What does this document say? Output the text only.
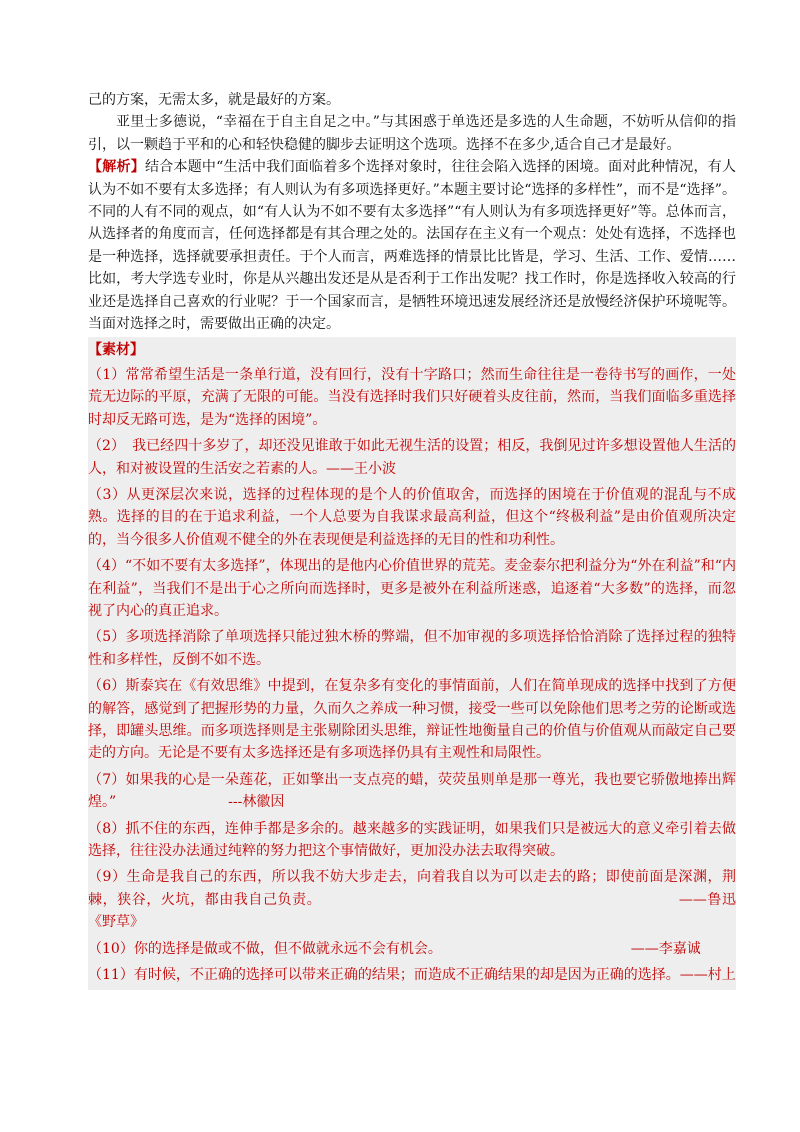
己的方案，无需太多，就是最好的方案。

亚里士多德说，“幸福在于自主自足之中。”与其困惑于单选还是多选的人生命题，不妨听从信仰的指引，以一颗趋于平和的心和轻快稳健的脚步去证明这个选项。选择不在多少,适合自己才是最好。

【解析】结合本题中“生活中我们面临着多个选择对象时，往往会陷入选择的困境。面对此种情况，有人认为不如不要有太多选择；有人则认为有多项选择更好。”本题主要讨论“选择的多样性”，而不是“选择”。不同的人有不同的观点，如“有人认为不如不要有太多选择”“有人则认为有多项选择更好”等。总体而言，从选择者的角度而言，任何选择都是有其合理之处的。法国存在主义有一个观点：处处有选择，不选择也是一种选择，选择就要承担责任。于个人而言，两难选择的情景比比皆是，学习、生活、工作、爱情……比如，考大学选专业时，你是从兴趣出发还是从是否利于工作出发呢？找工作时，你是选择收入较高的行业还是选择自己喜欢的行业呢？于一个国家而言，是牺牲环境迅速发展经济还是放慢经济保护环境呢等。当面对选择之时，需要做出正确的决定。

【素材】

（1）常常希望生活是一条单行道，没有回行，没有十字路口；然而生命往往是一卷待书写的画作，一处荒无边际的平原，充满了无限的可能。当没有选择时我们只好硬着头皮往前，然而，当我们面临多重选择时却反无路可选，是为“选择的困境”。

（2）　我已经四十多岁了，却还没见谁敢于如此无视生活的设置；相反，我倒见过许多想设置他人生活的人，和对被设置的生活安之若素的人。——王小波

（3）从更深层次来说，选择的过程体现的是个人的价值取舍，而选择的困境在于价值观的混乱与不成熟。选择的目的在于追求利益，一个人总要为自我谋求最高利益，但这个“终极利益”是由价值观所决定的，当今很多人价值观不健全的外在表现便是利益选择的无目的性和功利性。

（4）“不如不要有太多选择”，体现出的是他内心价值世界的荒芜。麦金泰尔把利益分为“外在利益”和“内在利益”，当我们不是出于心之所向而选择时，更多是被外在利益所迷惑，追逐着“大多数”的选择，而忽视了内心的真正追求。

（5）多项选择消除了单项选择只能过独木桥的弊端，但不加审视的多项选择恰恰消除了选择过程的独特性和多样性，反倒不如不选。

（6）斯泰宾在《有效思维》中提到，在复杂多有变化的事情面前，人们在简单现成的选择中找到了方便的解答，感觉到了把握形势的力量，久而久之养成一种习惯，接受一些可以免除他们思考之劳的论断或选择，即罐头思维。而多项选择则是主张剔除团头思维，辩证性地衡量自己的价值与价值观从而敲定自己要走的方向。无论是不要有太多选择还是有多项选择仍具有主观性和局限性。

（7）如果我的心是一朵莲花，正如擎出一支点亮的蜡，荧荧虽则单是那一尊光，我也要它骄傲地捧出辉煌。”　　　　　　　　---林徽因

（8）抓不住的东西，连伸手都是多余的。越来越多的实践证明，如果我们只是被远大的意义牵引着去做选择，往往没办法通过纯粹的努力把这个事情做好，更加没办法去取得突破。

（9）生命是我自己的东西，所以我不妨大步走去，向着我自以为可以走去的路；即使前面是深渊，荆棘，狭谷，火坑，都由我自己负责。　　　　　　　　　　　　　　　　　　　　　　　　　——鲁迅《野草》

（10）你的选择是做或不做，但不做就永远不会有机会。　　　　　　　　　　　　　　——李嘉诚

（11）有时候，不正确的选择可以带来正确的结果；而造成不正确结果的却是因为正确的选择。——村上
